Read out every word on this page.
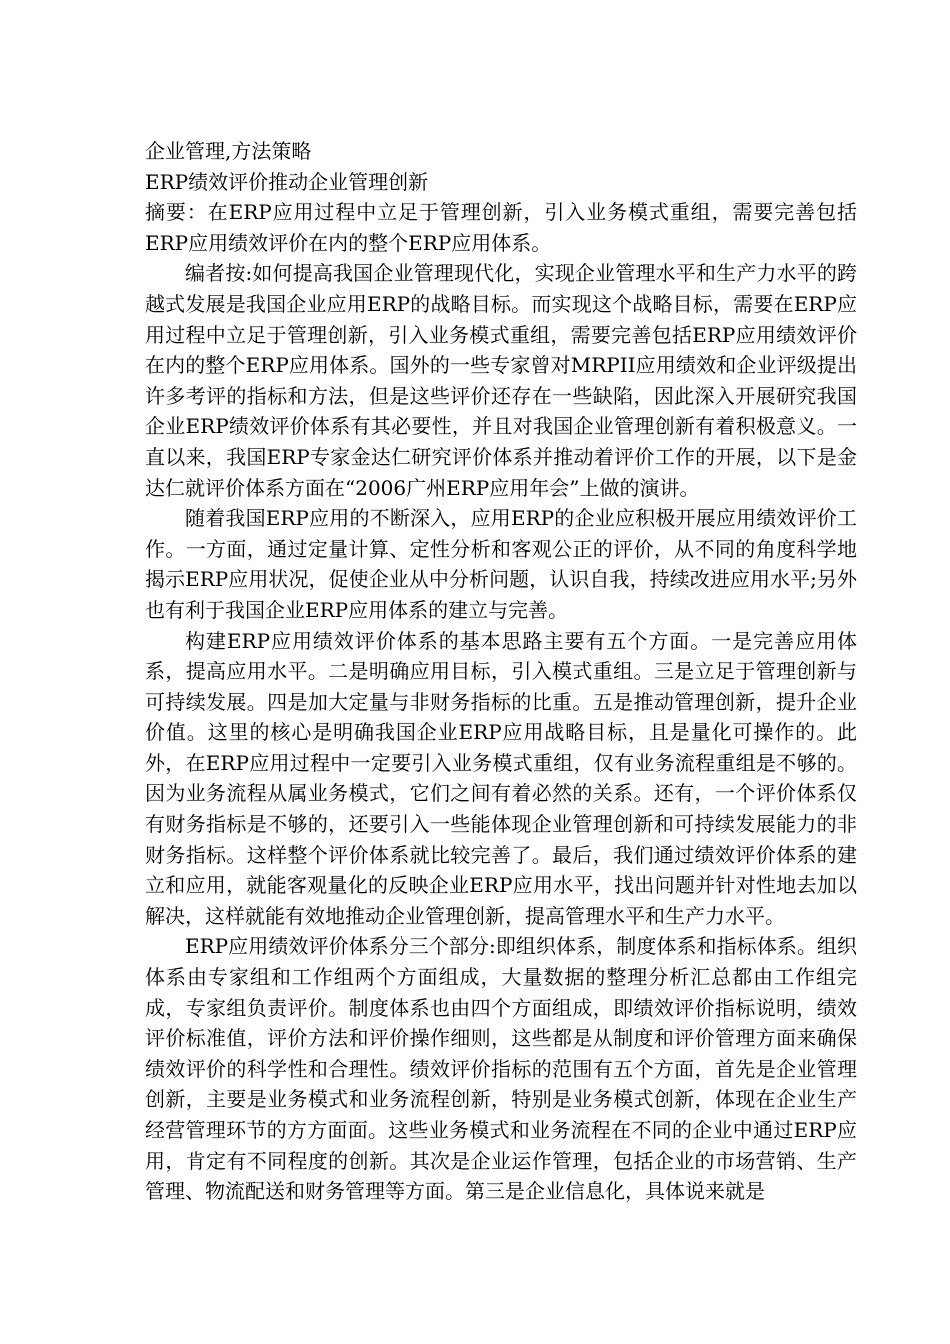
企业管理,方法策略

ERP绩效评价推动企业管理创新

摘要：在ERP应用过程中立足于管理创新，引入业务模式重组，需要完善包括ERP应用绩效评价在内的整个ERP应用体系。

编者按:如何提高我国企业管理现代化，实现企业管理水平和生产力水平的跨越式发展是我国企业应用ERP的战略目标。而实现这个战略目标，需要在ERP应用过程中立足于管理创新，引入业务模式重组，需要完善包括ERP应用绩效评价在内的整个ERP应用体系。国外的一些专家曾对MRPII应用绩效和企业评级提出许多考评的指标和方法，但是这些评价还存在一些缺陷，因此深入开展研究我国企业ERP绩效评价体系有其必要性，并且对我国企业管理创新有着积极意义。一直以来，我国ERP专家金达仁研究评价体系并推动着评价工作的开展，以下是金达仁就评价体系方面在“2006广州ERP应用年会”上做的演讲。

随着我国ERP应用的不断深入，应用ERP的企业应积极开展应用绩效评价工作。一方面，通过定量计算、定性分析和客观公正的评价，从不同的角度科学地揭示ERP应用状况，促使企业从中分析问题，认识自我，持续改进应用水平;另外也有利于我国企业ERP应用体系的建立与完善。

构建ERP应用绩效评价体系的基本思路主要有五个方面。一是完善应用体系，提高应用水平。二是明确应用目标，引入模式重组。三是立足于管理创新与可持续发展。四是加大定量与非财务指标的比重。五是推动管理创新，提升企业价值。这里的核心是明确我国企业ERP应用战略目标，且是量化可操作的。此外，在ERP应用过程中一定要引入业务模式重组，仅有业务流程重组是不够的。因为业务流程从属业务模式，它们之间有着必然的关系。还有，一个评价体系仅有财务指标是不够的，还要引入一些能体现企业管理创新和可持续发展能力的非财务指标。这样整个评价体系就比较完善了。最后，我们通过绩效评价体系的建立和应用，就能客观量化的反映企业ERP应用水平，找出问题并针对性地去加以解决，这样就能有效地推动企业管理创新，提高管理水平和生产力水平。

ERP应用绩效评价体系分三个部分:即组织体系，制度体系和指标体系。组织体系由专家组和工作组两个方面组成，大量数据的整理分析汇总都由工作组完成，专家组负责评价。制度体系也由四个方面组成，即绩效评价指标说明，绩效评价标准值，评价方法和评价操作细则，这些都是从制度和评价管理方面来确保绩效评价的科学性和合理性。绩效评价指标的范围有五个方面，首先是企业管理创新，主要是业务模式和业务流程创新，特别是业务模式创新，体现在企业生产经营管理环节的方方面面。这些业务模式和业务流程在不同的企业中通过ERP应用，肯定有不同程度的创新。其次是企业运作管理，包括企业的市场营销、生产管理、物流配送和财务管理等方面。第三是企业信息化，具体说来就是
